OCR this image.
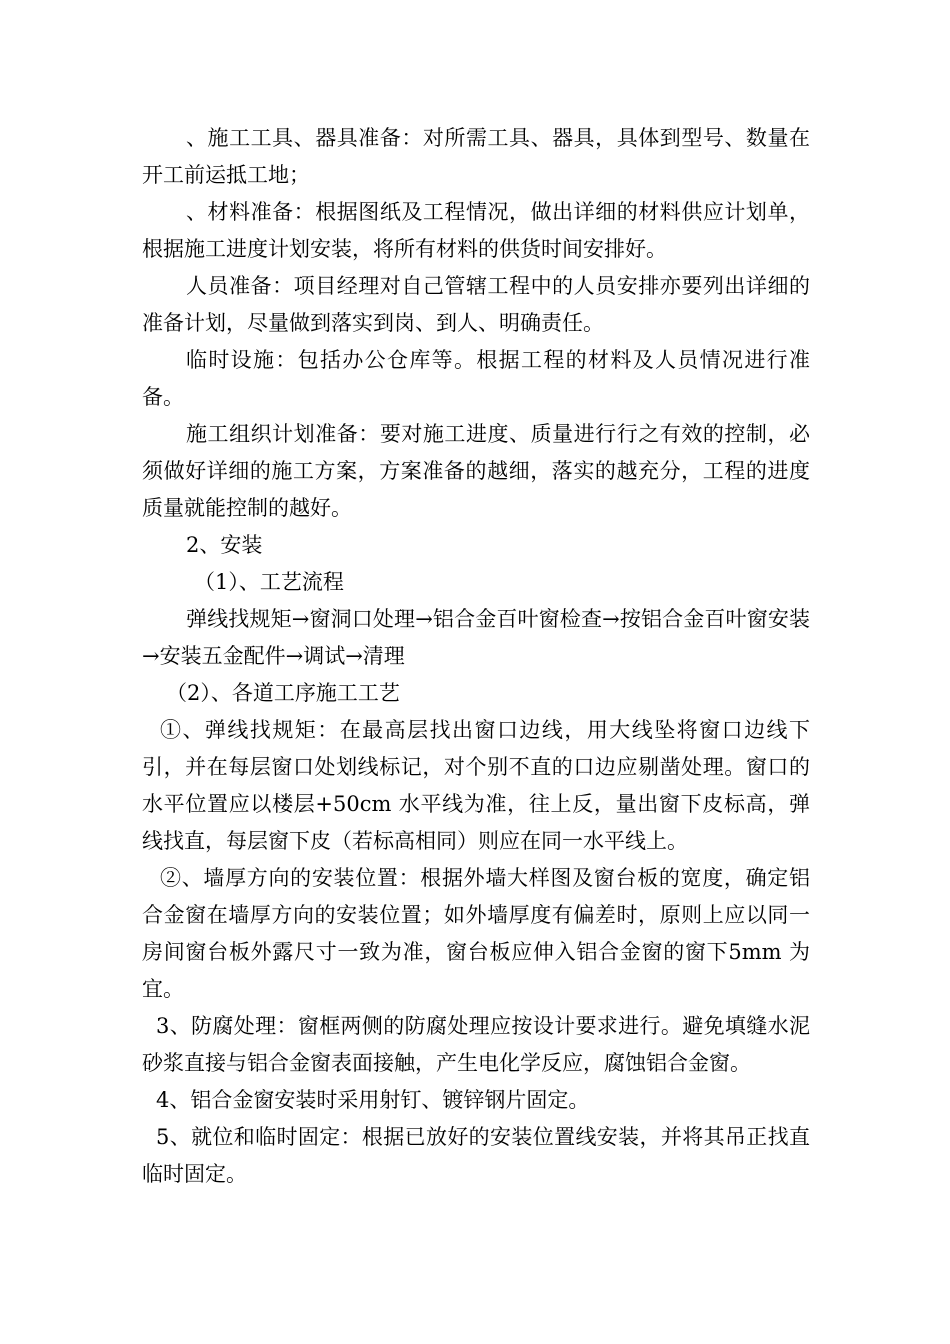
、施工工具、器具准备：对所需工具、器具，具体到型号、数量在开工前运抵工地；

、材料准备：根据图纸及工程情况，做出详细的材料供应计划单，根据施工进度计划安装，将所有材料的供货时间安排好。

人员准备：项目经理对自己管辖工程中的人员安排亦要列出详细的准备计划，尽量做到落实到岗、到人、明确责任。

临时设施：包括办公仓库等。根据工程的材料及人员情况进行准备。

施工组织计划准备：要对施工进度、质量进行行之有效的控制，必须做好详细的施工方案，方案准备的越细，落实的越充分，工程的进度质量就能控制的越好。

2、安装

（1）、工艺流程

弹线找规矩→窗洞口处理→铝合金百叶窗检查→按铝合金百叶窗安装→安装五金配件→调试→清理

（2）、各道工序施工工艺

①、弹线找规矩：在最高层找出窗口边线，用大线坠将窗口边线下引，并在每层窗口处划线标记，对个别不直的口边应剔凿处理。窗口的水平位置应以楼层+50cm 水平线为准，往上反，量出窗下皮标高，弹线找直，每层窗下皮（若标高相同）则应在同一水平线上。

②、墙厚方向的安装位置：根据外墙大样图及窗台板的宽度，确定铝合金窗在墙厚方向的安装位置；如外墙厚度有偏差时，原则上应以同一房间窗台板外露尺寸一致为准，窗台板应伸入铝合金窗的窗下5mm 为宜。

3、防腐处理：窗框两侧的防腐处理应按设计要求进行。避免填缝水泥砂浆直接与铝合金窗表面接触，产生电化学反应，腐蚀铝合金窗。

4、铝合金窗安装时采用射钉、镀锌钢片固定。

5、就位和临时固定：根据已放好的安装位置线安装，并将其吊正找直临时固定。
